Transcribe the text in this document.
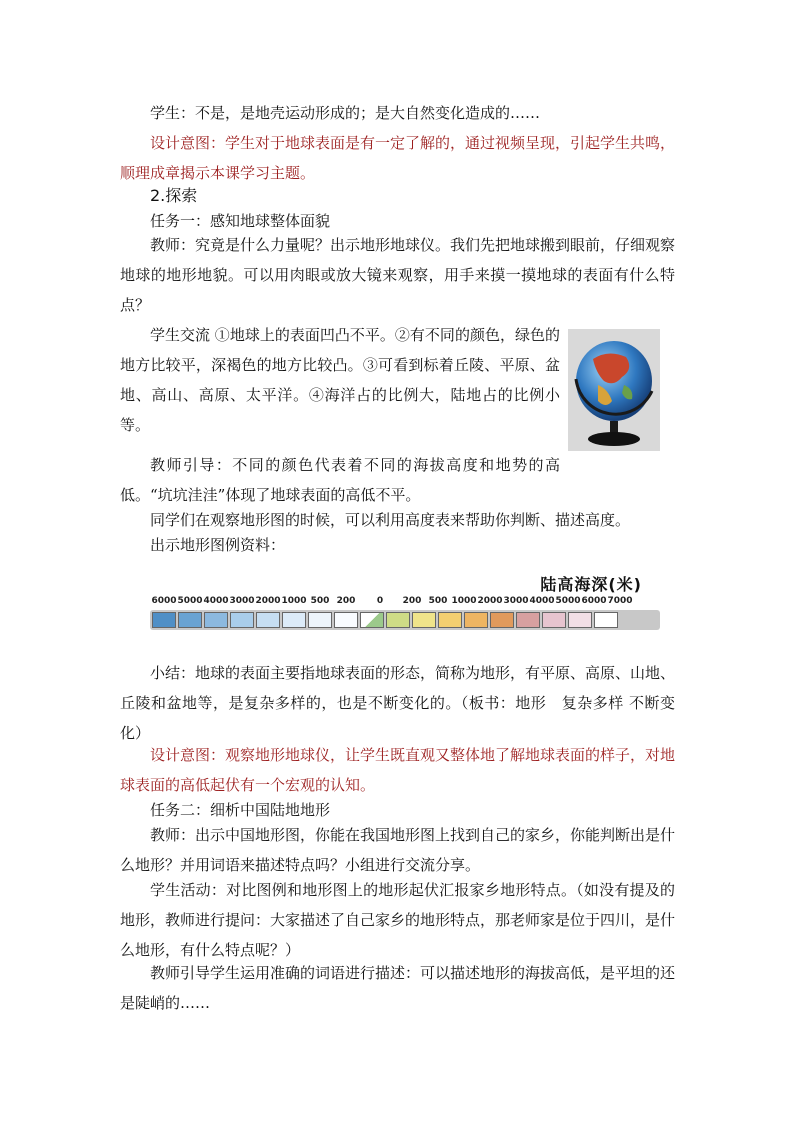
学生：不是，是地壳运动形成的；是大自然变化造成的……

设计意图：学生对于地球表面是有一定了解的，通过视频呈现，引起学生共鸣，顺理成章揭示本课学习主题。

2.探索

任务一：感知地球整体面貌

教师：究竟是什么力量呢？出示地形地球仪。我们先把地球搬到眼前，仔细观察地球的地形地貌。可以用肉眼或放大镜来观察，用手来摸一摸地球的表面有什么特点？

学生交流 ①地球上的表面凹凸不平。②有不同的颜色，绿色的地方比较平，深褐色的地方比较凸。③可看到标着丘陵、平原、盆地、高山、高原、太平洋。④海洋占的比例大，陆地占的比例小等。

教师引导：不同的颜色代表着不同的海拔高度和地势的高低。“坑坑洼洼”体现了地球表面的高低不平。

同学们在观察地形图的时候，可以利用高度表来帮助你判断、描述高度。

出示地形图例资料：

陆高海深(米)
6000 5000 4000 3000 2000 1000 500 200 0 200 500 1000 2000 3000 4000 5000 6000 7000

小结：地球的表面主要指地球表面的形态，简称为地形，有平原、高原、山地、丘陵和盆地等，是复杂多样的，也是不断变化的。（板书：地形　复杂多样 不断变化）

设计意图：观察地形地球仪，让学生既直观又整体地了解地球表面的样子，对地球表面的高低起伏有一个宏观的认知。

任务二：细析中国陆地地形

教师：出示中国地形图，你能在我国地形图上找到自己的家乡，你能判断出是什么地形？并用词语来描述特点吗？小组进行交流分享。

学生活动：对比图例和地形图上的地形起伏汇报家乡地形特点。（如没有提及的地形，教师进行提问：大家描述了自己家乡的地形特点，那老师家是位于四川，是什么地形，有什么特点呢？）

教师引导学生运用准确的词语进行描述：可以描述地形的海拔高低，是平坦的还是陡峭的……
